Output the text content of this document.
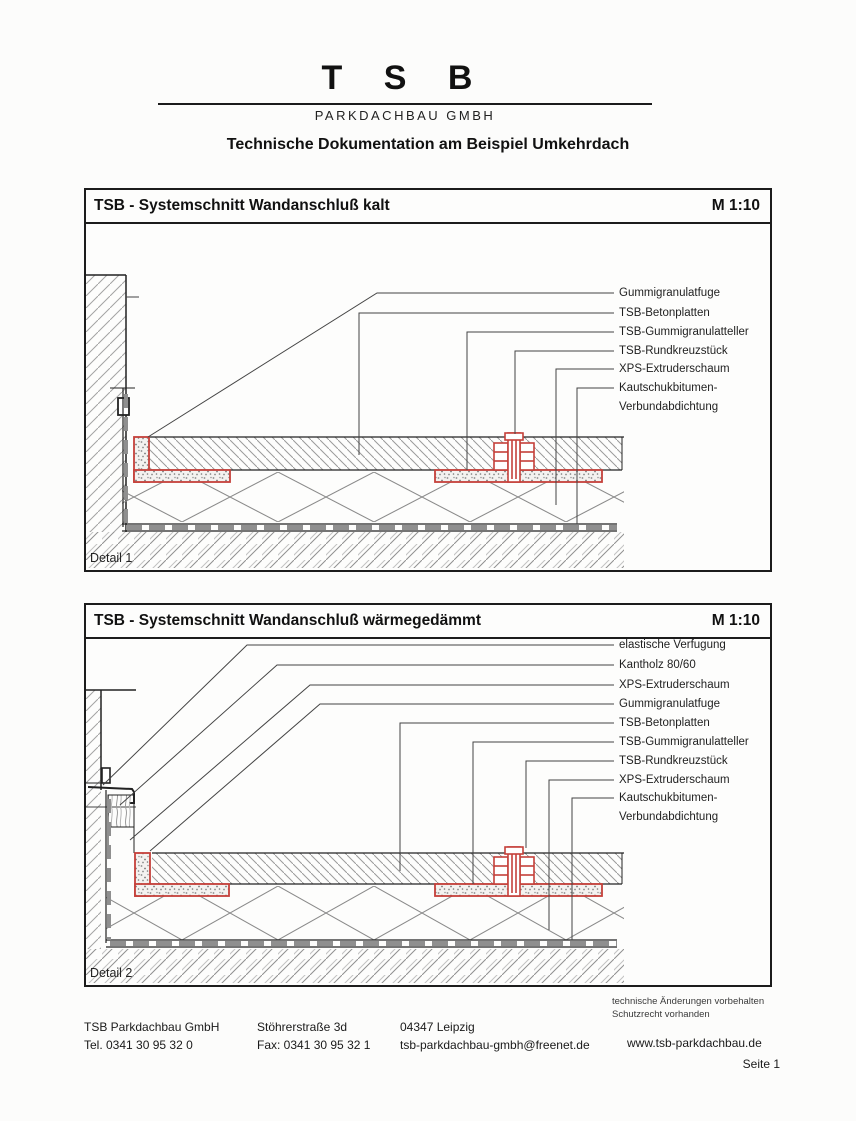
T S B
PARKDACHBAU GMBH
Technische Dokumentation am Beispiel Umkehrdach
TSB - Systemschnitt Wandanschluß kalt	M 1:10
Gummigranulatfuge
TSB-Betonplatten
TSB-Gummigranulatteller
TSB-Rundkreuzstück
XPS-Extruderschaum
Kautschukbitumen-
Verbundabdichtung
Detail 1
TSB - Systemschnitt Wandanschluß wärmegedämmt	M 1:10
elastische Verfugung
Kantholz 80/60
XPS-Extruderschaum
Gummigranulatfuge
TSB-Betonplatten
TSB-Gummigranulatteller
TSB-Rundkreuzstück
XPS-Extruderschaum
Kautschukbitumen-
Verbundabdichtung
Detail 2
technische Änderungen vorbehalten
Schutzrecht vorhanden
TSB Parkdachbau GmbH
Tel. 0341 30 95 32 0
Stöhrerstraße 3d
Fax: 0341 30 95 32 1
04347 Leipzig
tsb-parkdachbau-gmbh@freenet.de	www.tsb-parkdachbau.de
Seite 1
